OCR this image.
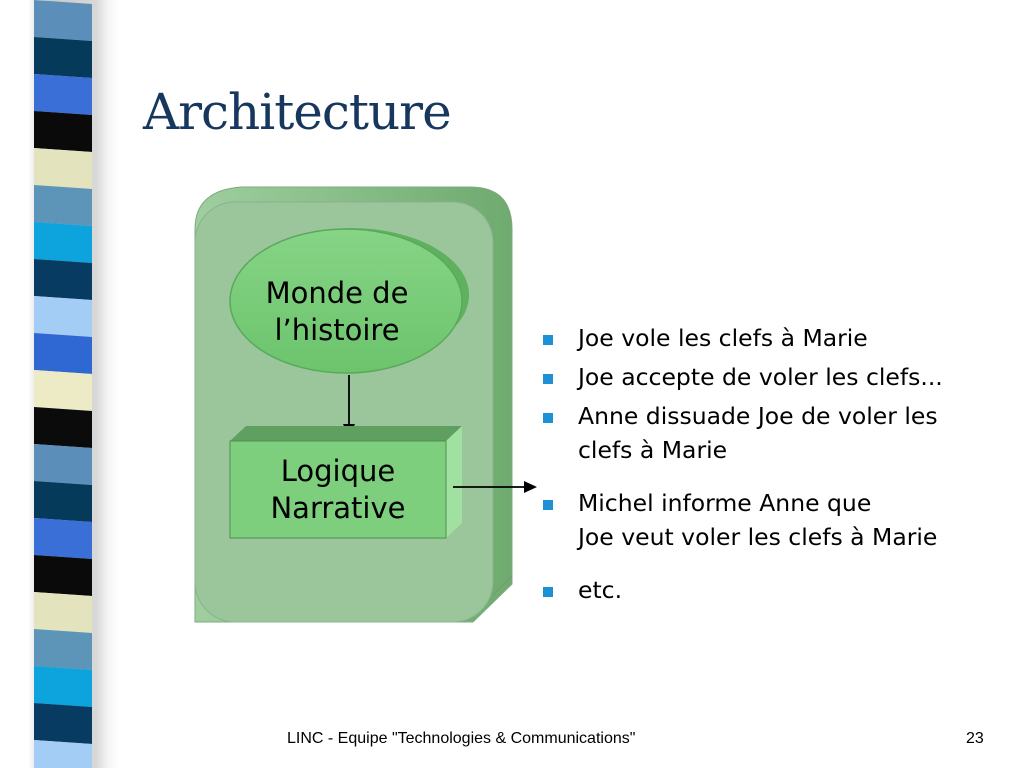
Architecture
Monde de
l’histoire
Logique
Narrative
Joe vole les clefs à Marie
Joe accepte de voler les clefs...
Anne dissuade Joe de voler les
clefs à Marie
Michel informe Anne que
Joe veut voler les clefs à Marie
etc.
LINC - Equipe "Technologies & Communications"	23
